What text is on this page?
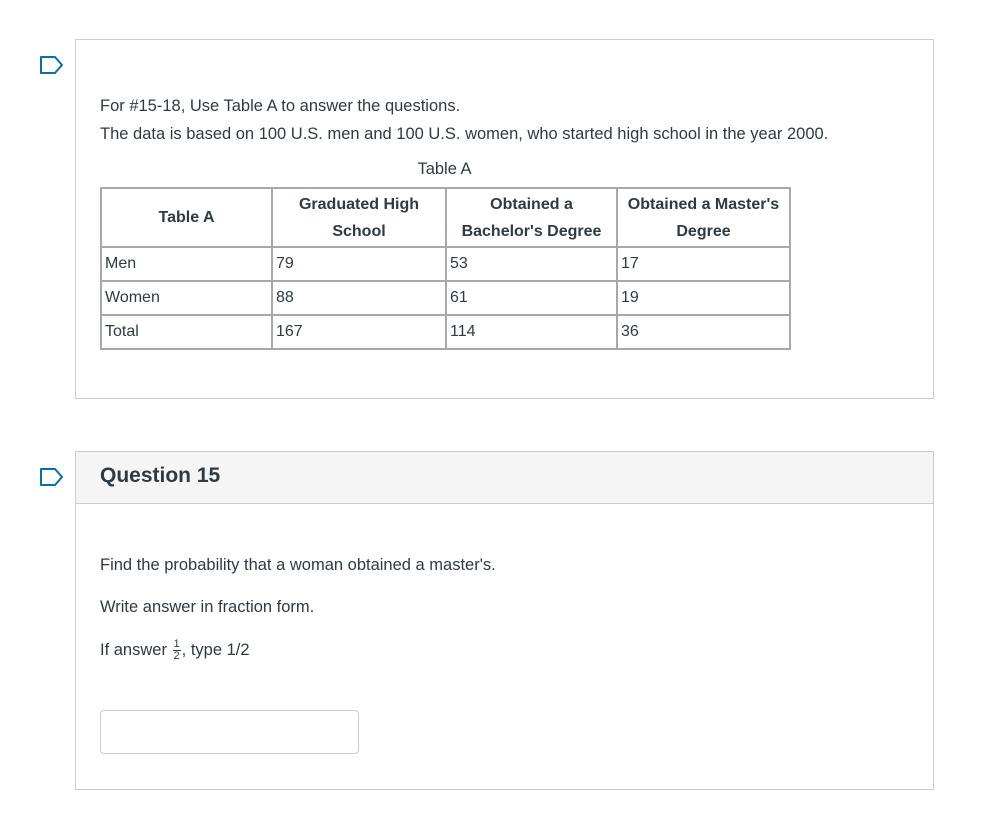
For #15-18, Use Table A to answer the questions.
The data is based on 100 U.S. men and 100 U.S. women, who started high school in the year 2000.
Table A
Table A	Graduated High School	Obtained a Bachelor's Degree	Obtained a Master's Degree
Men	79	53	17
Women	88	61	19
Total	167	114	36
Question 15
Find the probability that a woman obtained a master's.
Write answer in fraction form.
If answer $\frac{1}{2}$ , type 1/2
